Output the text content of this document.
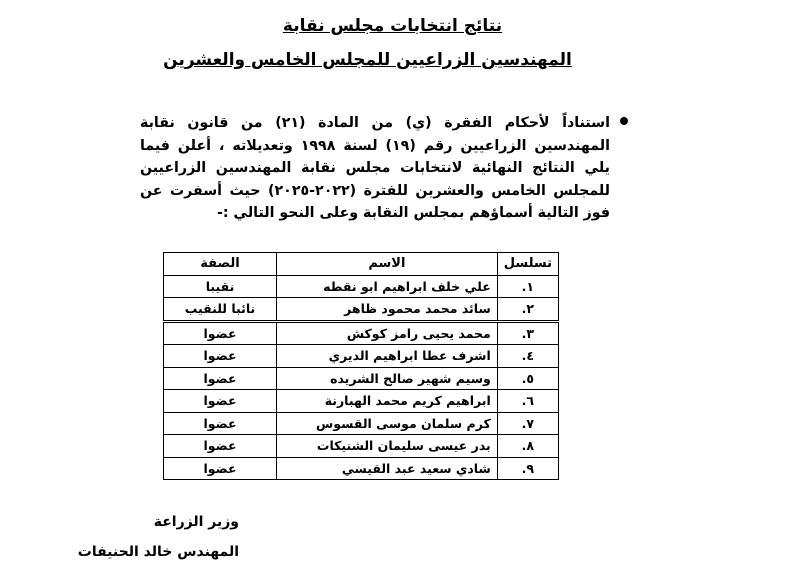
نتائج انتخابات مجلس نقابة
المهندسين الزراعيين للمجلس الخامس والعشرين
استناداً لأحكام الفقرة (ي) من المادة (٢١) من قانون نقابة المهندسين الزراعيين رقم (١٩) لسنة ١٩٩٨ وتعديلاته ، أعلن فيما يلي النتائج النهائية لانتخابات مجلس نقابة المهندسين الزراعيين للمجلس الخامس والعشرين للفترة (٢٠٢٢-٢٠٢٥) حيث أسفرت عن فوز التالية أسماؤهم بمجلس النقابة وعلى النحو التالي :-
تسلسل	الاسم	الصفة
١.	علي خلف ابراهيم ابو نقطه	نقيبا
٢.	سائد محمد محمود ظاهر	نائبا للنقيب
٣.	محمد يحيى رامز كوكش	عضوا
٤.	اشرف عطا ابراهيم الديري	عضوا
٥.	وسيم شهير صالح الشريده	عضوا
٦.	ابراهيم كريم محمد الهبارنة	عضوا
٧.	كرم سلمان موسى القسوس	عضوا
٨.	بدر عيسى سليمان الشنيكات	عضوا
٩.	شادي سعيد عبد القيسي	عضوا
وزير الزراعة
المهندس خالد الحنيفات
